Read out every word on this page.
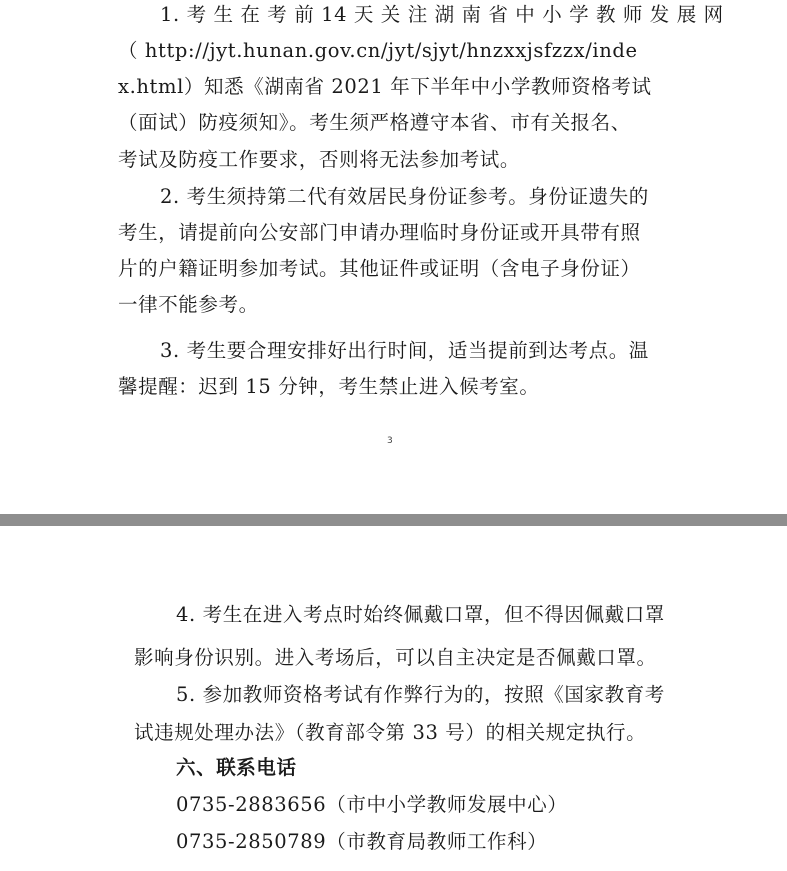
1. 考 生 在 考 前 14 天 关 注 湖 南 省 中 小 学 教 师 发 展 网
（ http://jyt.hunan.gov.cn/jyt/sjyt/hnzxxjsfzzx/inde
x.html）知悉《湖南省 2021 年下半年中小学教师资格考试
（面试）防疫须知》。考生须严格遵守本省、市有关报名、
考试及防疫工作要求，否则将无法参加考试。
2. 考生须持第二代有效居民身份证参考。身份证遗失的
考生，请提前向公安部门申请办理临时身份证或开具带有照
片的户籍证明参加考试。其他证件或证明（含电子身份证）
一律不能参考。
3. 考生要合理安排好出行时间，适当提前到达考点。温
馨提醒：迟到 15 分钟，考生禁止进入候考室。
3
4. 考生在进入考点时始终佩戴口罩，但不得因佩戴口罩
影响身份识别。进入考场后，可以自主决定是否佩戴口罩。
5. 参加教师资格考试有作弊行为的，按照《国家教育考
试违规处理办法》（教育部令第 33 号）的相关规定执行。
六、联系电话
0735-2883656（市中小学教师发展中心）
0735-2850789（市教育局教师工作科）
